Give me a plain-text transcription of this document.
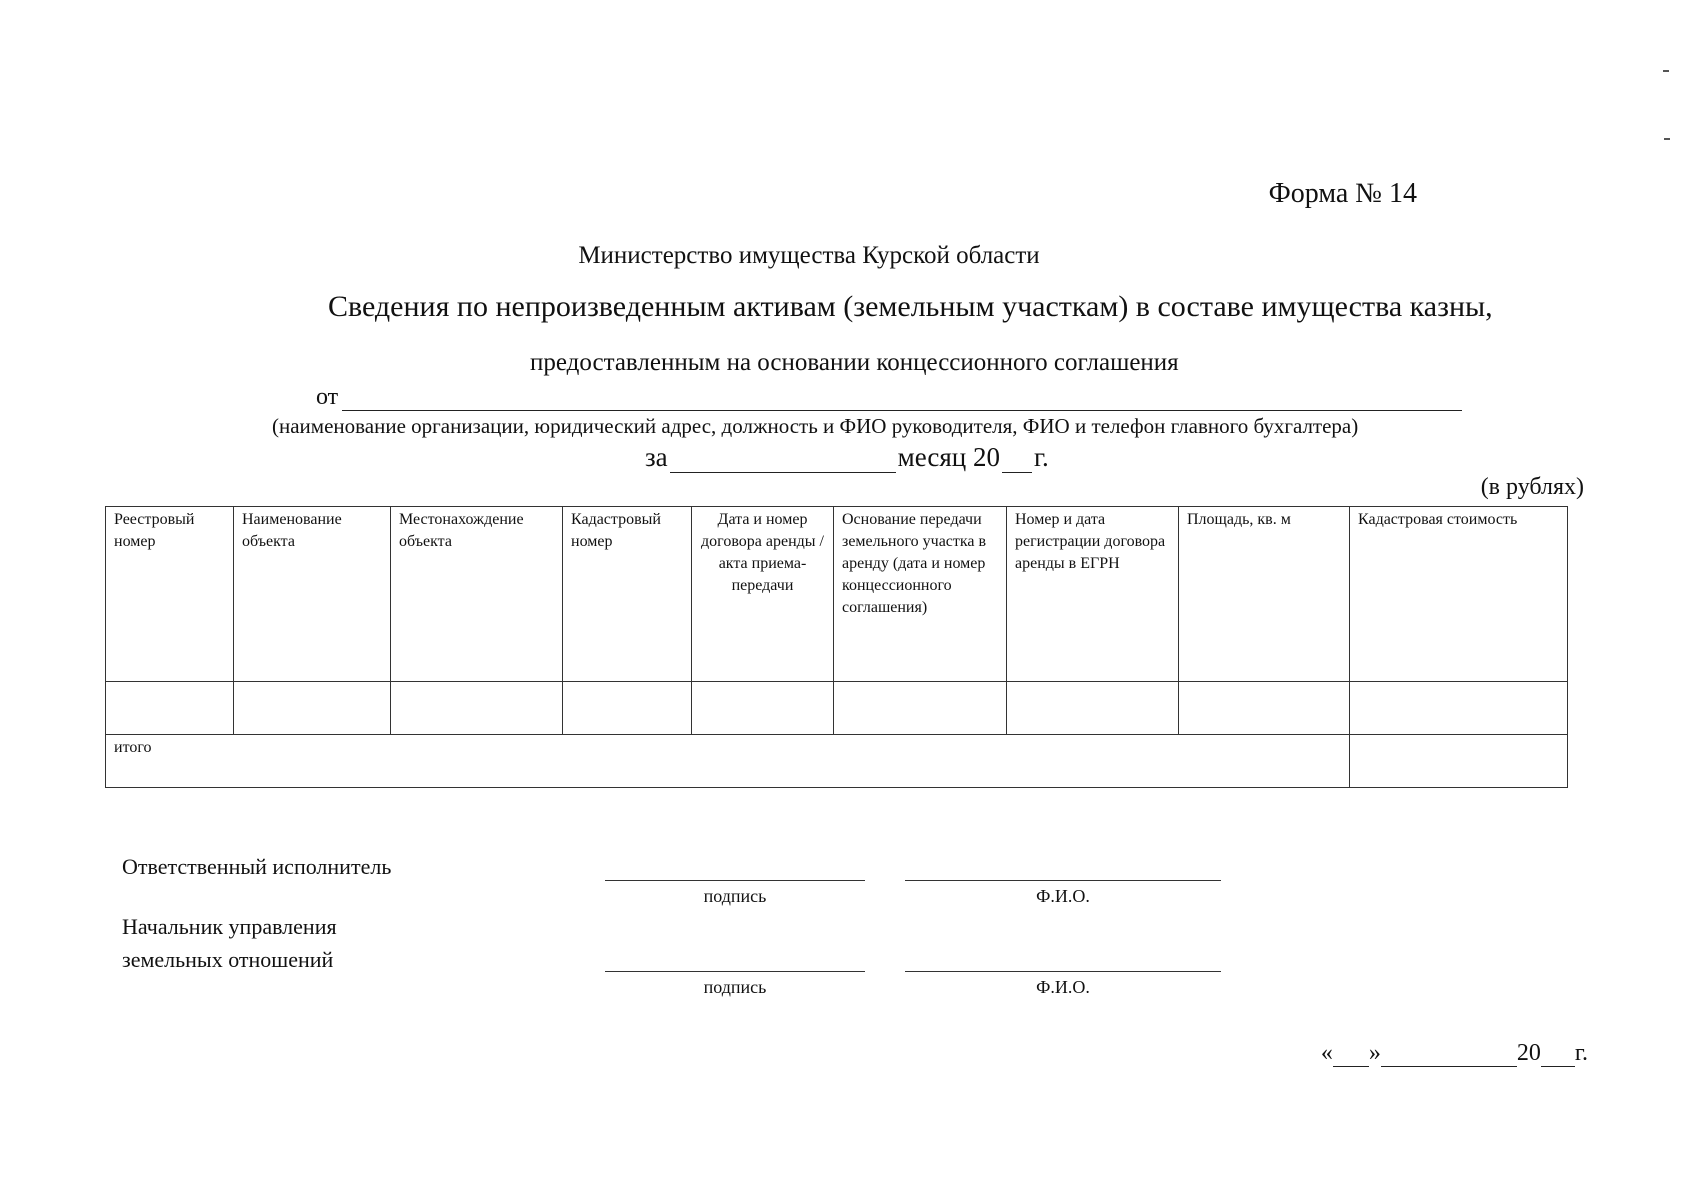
Форма № 14
Министерство имущества Курской области
Сведения по непроизведенным активам (земельным участкам) в составе имущества казны,
предоставленным на основании концессионного соглашения
от
(наименование организации, юридический адрес, должность и ФИО руководителя, ФИО и телефон главного бухгалтера)
за	месяц 20 г.
(в рублях)
Реестровый номер	Наименование объекта	Местонахождение объекта	Кадастровый номер	Дата и номер договора аренды /акта приема-передачи	Основание передачи земельного участка в аренду (дата и номер концессионного соглашения)	Номер и дата регистрации договора аренды в ЕГРН	Площадь, кв. м	Кадастровая стоимость

итого								
Ответственный исполнитель
подпись	Ф.И.О.
Начальник управления
земельных отношений
подпись	Ф.И.О.
« »	20 г.
